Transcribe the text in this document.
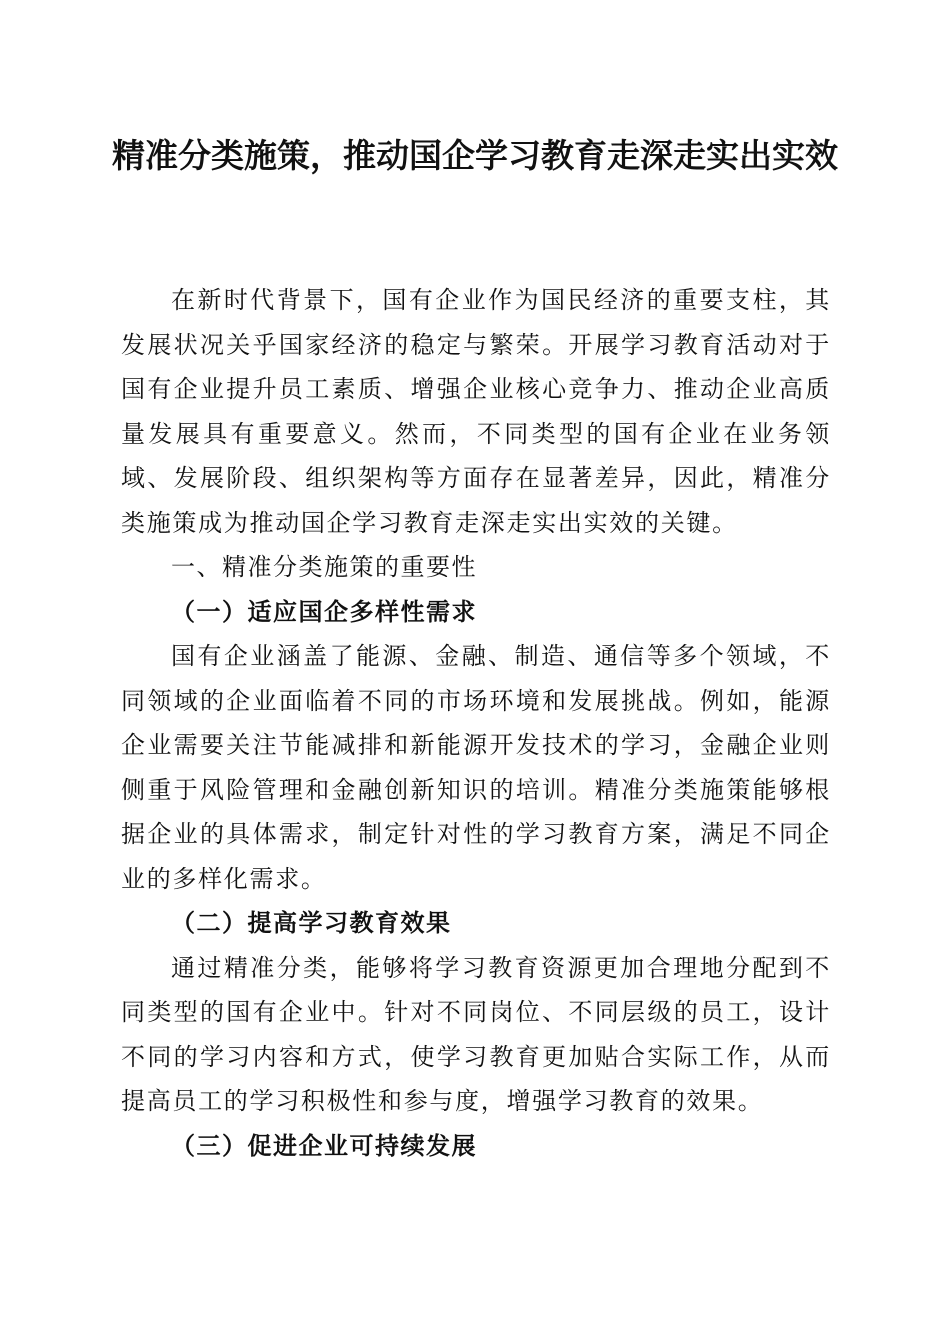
精准分类施策，推动国企学习教育走深走实出实效

在新时代背景下，国有企业作为国民经济的重要支柱，其发展状况关乎国家经济的稳定与繁荣。开展学习教育活动对于国有企业提升员工素质、增强企业核心竞争力、推动企业高质量发展具有重要意义。然而，不同类型的国有企业在业务领域、发展阶段、组织架构等方面存在显著差异，因此，精准分类施策成为推动国企学习教育走深走实出实效的关键。

一、精准分类施策的重要性
（一）适应国企多样性需求

国有企业涵盖了能源、金融、制造、通信等多个领域，不同领域的企业面临着不同的市场环境和发展挑战。例如，能源企业需要关注节能减排和新能源开发技术的学习，金融企业则侧重于风险管理和金融创新知识的培训。精准分类施策能够根据企业的具体需求，制定针对性的学习教育方案，满足不同企业的多样化需求。

（二）提高学习教育效果

通过精准分类，能够将学习教育资源更加合理地分配到不同类型的国有企业中。针对不同岗位、不同层级的员工，设计不同的学习内容和方式，使学习教育更加贴合实际工作，从而提高员工的学习积极性和参与度，增强学习教育的效果。

（三）促进企业可持续发展
